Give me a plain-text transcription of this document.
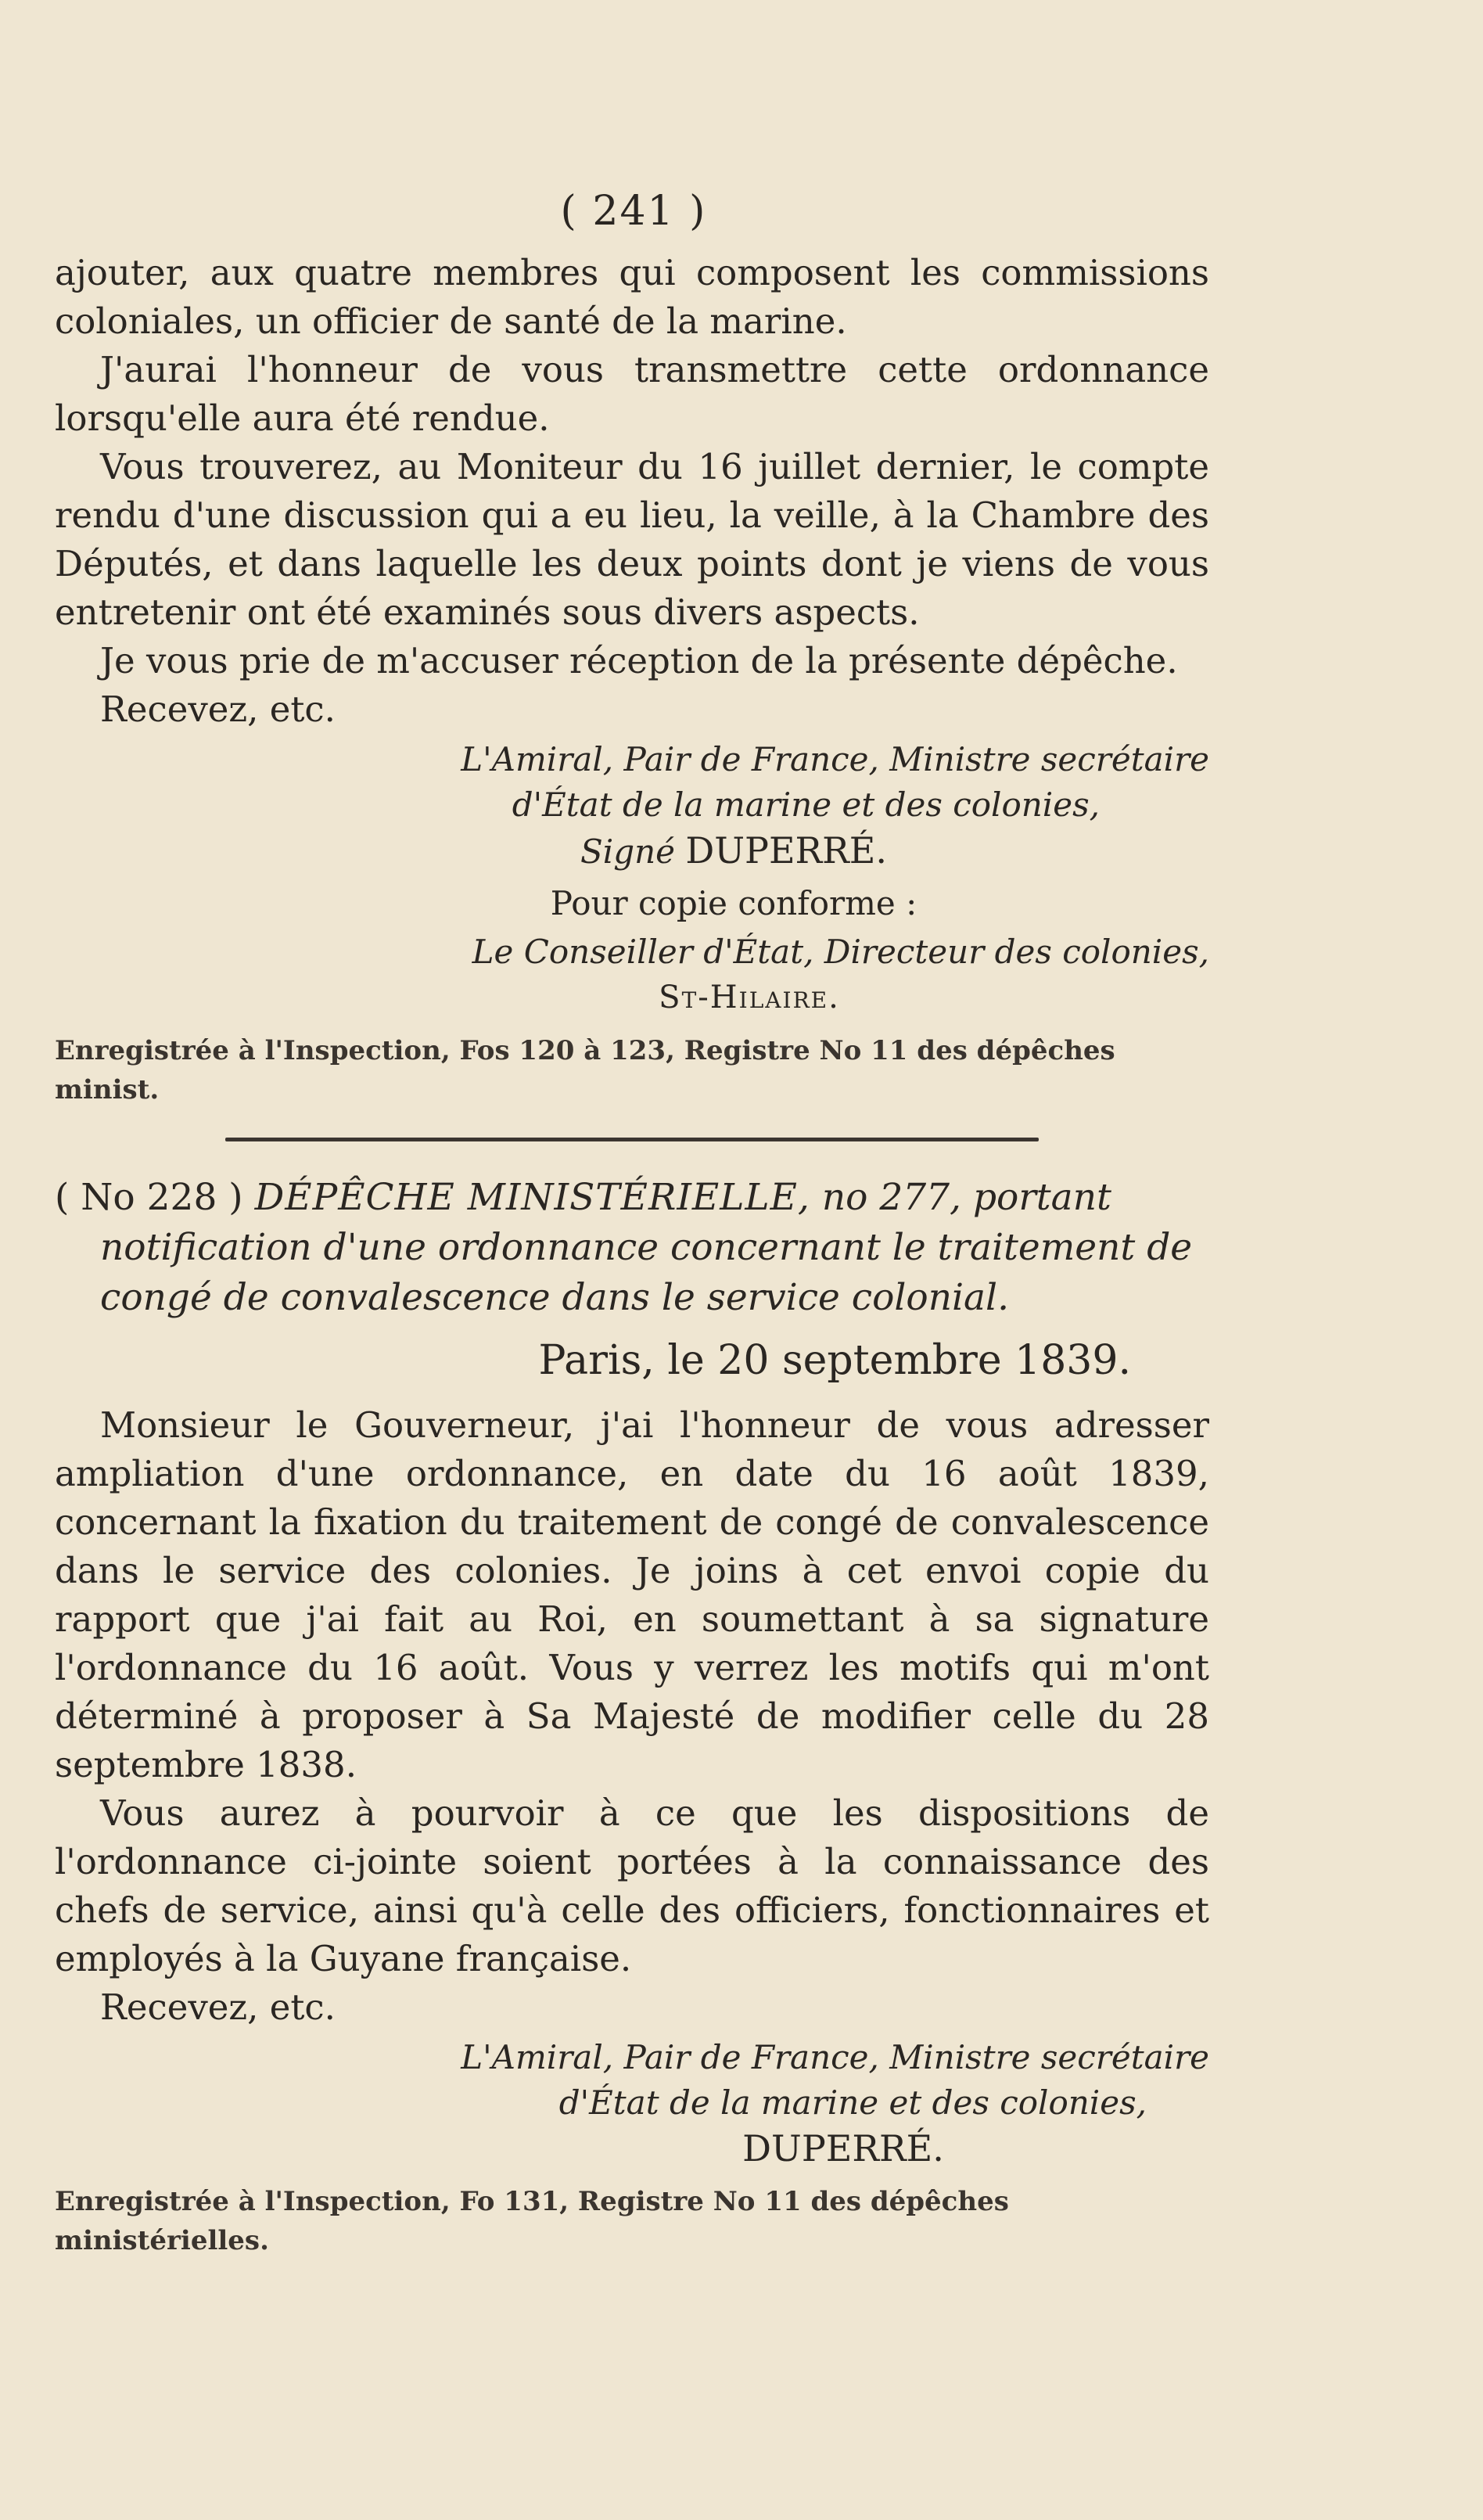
( 241 )

ajouter, aux quatre membres qui composent les commissions coloniales, un officier de santé de la marine.

J'aurai l'honneur de vous transmettre cette ordonnance lorsqu'elle aura été rendue.

Vous trouverez, au Moniteur du 16 juillet dernier, le compte rendu d'une discussion qui a eu lieu, la veille, à la Chambre des Députés, et dans laquelle les deux points dont je viens de vous entretenir ont été examinés sous divers aspects.

Je vous prie de m'accuser réception de la présente dépêche.

Recevez, etc.

L'Amiral, Pair de France, Ministre secrétaire
d'État de la marine et des colonies,
Signé DUPERRÉ.
Pour copie conforme :
Le Conseiller d'État, Directeur des colonies,
St-Hilaire.

Enregistrée à l'Inspection, Fos 120 à 123, Registre No 11 des dépêches minist.

( No 228 ) DÉPÊCHE MINISTÉRIELLE, no 277, portant

notification d'une ordonnance concernant le traitement de

congé de convalescence dans le service colonial.

Paris, le 20 septembre 1839.

Monsieur le Gouverneur, j'ai l'honneur de vous adresser ampliation d'une ordonnance, en date du 16 août 1839, concernant la fixation du traitement de congé de convalescence dans le service des colonies. Je joins à cet envoi copie du rapport que j'ai fait au Roi, en soumettant à sa signature l'ordonnance du 16 août. Vous y verrez les motifs qui m'ont déterminé à proposer à Sa Majesté de modifier celle du 28 septembre 1838.

Vous aurez à pourvoir à ce que les dispositions de l'ordonnance ci-jointe soient portées à la connaissance des chefs de service, ainsi qu'à celle des officiers, fonctionnaires et employés à la Guyane française.

Recevez, etc.

L'Amiral, Pair de France, Ministre secrétaire
d'État de la marine et des colonies,
DUPERRÉ.

Enregistrée à l'Inspection, Fo 131, Registre No 11 des dépêches ministérielles.
